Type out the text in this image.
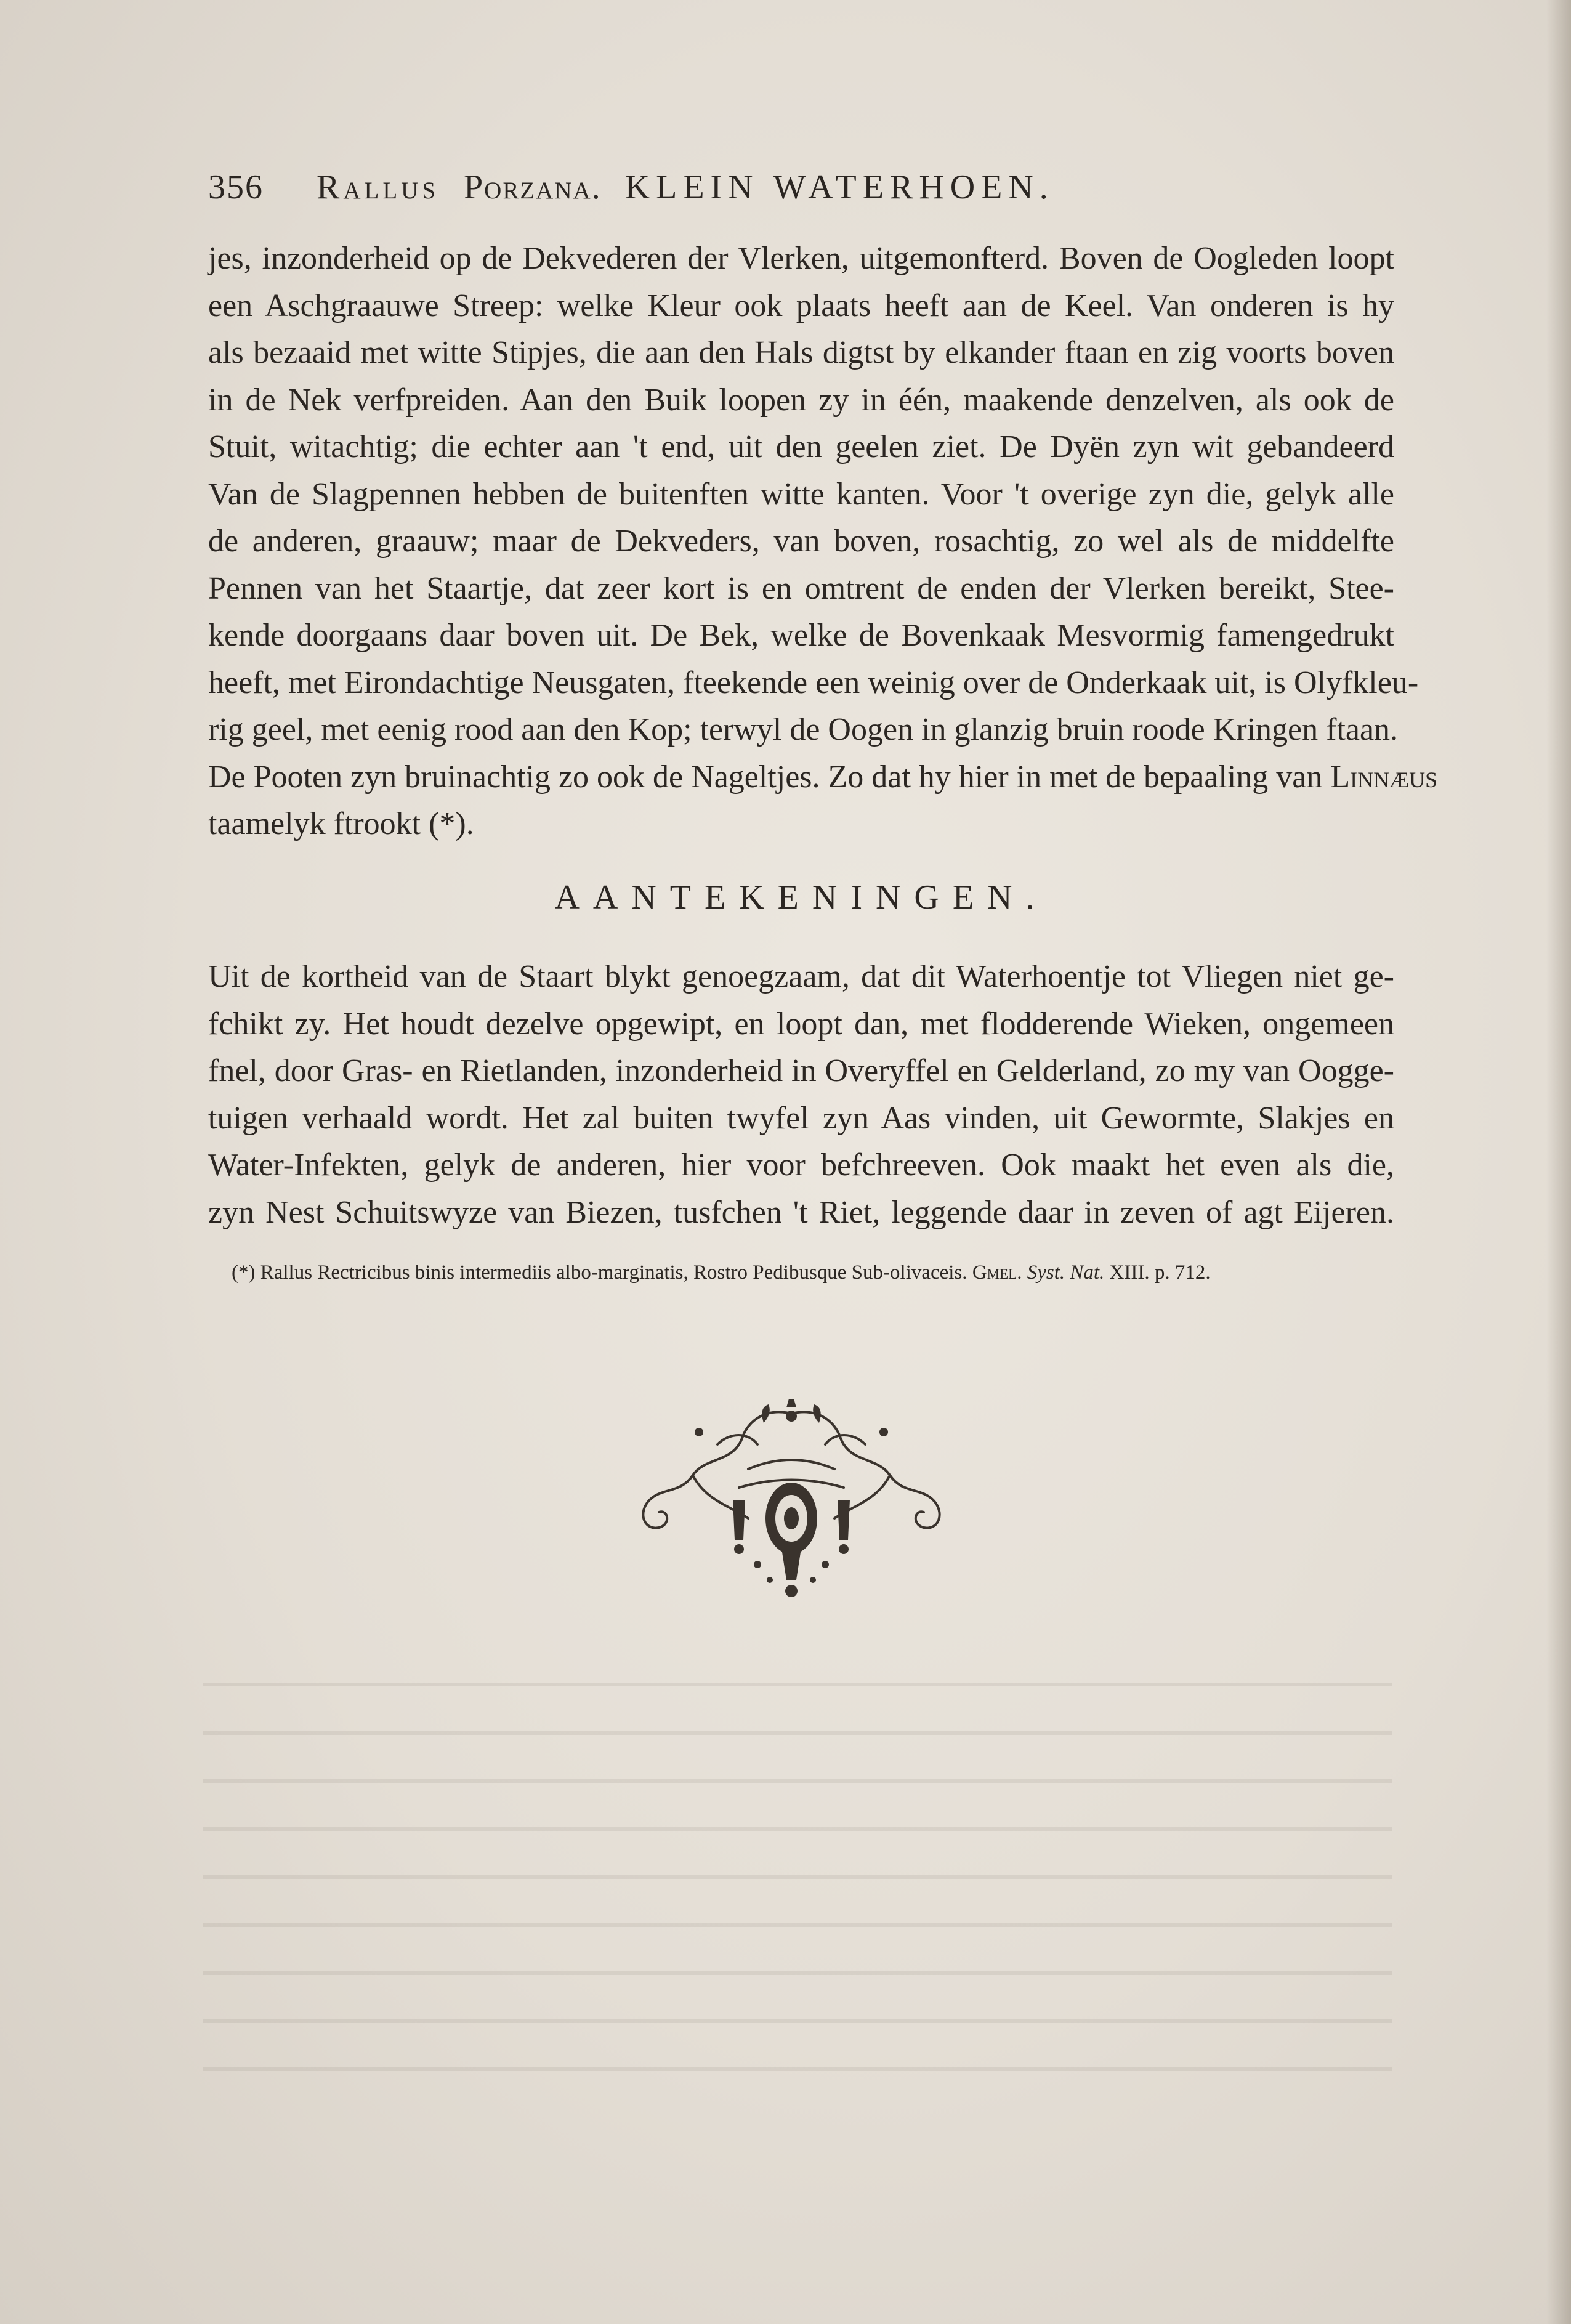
356 Rallus Porzana. KLEIN WATERHOEN.
jes, inzonderheid op de Dekvederen der Vlerken, uitgemonfterd. Boven de Oogleden loopt
een Aschgraauwe Streep: welke Kleur ook plaats heeft aan de Keel. Van onderen is hy
als bezaaid met witte Stipjes, die aan den Hals digtst by elkander ftaan en zig voorts boven
in de Nek verfpreiden. Aan den Buik loopen zy in één, maakende denzelven, als ook de
Stuit, witachtig; die echter aan 't end, uit den geelen ziet. De Dyën zyn wit gebandeerd
Van de Slagpennen hebben de buitenften witte kanten. Voor 't overige zyn die, gelyk alle
de anderen, graauw; maar de Dekveders, van boven, rosachtig, zo wel als de middelfte
Pennen van het Staartje, dat zeer kort is en omtrent de enden der Vlerken bereikt, Stee-
kende doorgaans daar boven uit. De Bek, welke de Bovenkaak Mesvormig famengedrukt
heeft, met Eirondachtige Neusgaten, fteekende een weinig over de Onderkaak uit, is Olyfkleu-
rig geel, met eenig rood aan den Kop; terwyl de Oogen in glanzig bruin roode Kringen ftaan.
De Pooten zyn bruinachtig zo ook de Nageltjes. Zo dat hy hier in met de bepaaling van Linnæus
taamelyk ftrookt (*).
AANTEKENINGEN.
Uit de kortheid van de Staart blykt genoegzaam, dat dit Waterhoentje tot Vliegen niet ge-
fchikt zy. Het houdt dezelve opgewipt, en loopt dan, met flodderende Wieken, ongemeen
fnel, door Gras- en Rietlanden, inzonderheid in Overyffel en Gelderland, zo my van Oogge-
tuigen verhaald wordt. Het zal buiten twyfel zyn Aas vinden, uit Gewormte, Slakjes en
Water-Infekten, gelyk de anderen, hier voor befchreeven. Ook maakt het even als die,
zyn Nest Schuitswyze van Biezen, tusfchen 't Riet, leggende daar in zeven of agt Eijeren.
(*) Rallus Rectricibus binis intermediis albo-marginatis, Rostro Pedibusque Sub-olivaceis. Gmel. Syst. Nat. XIII. p. 712.
